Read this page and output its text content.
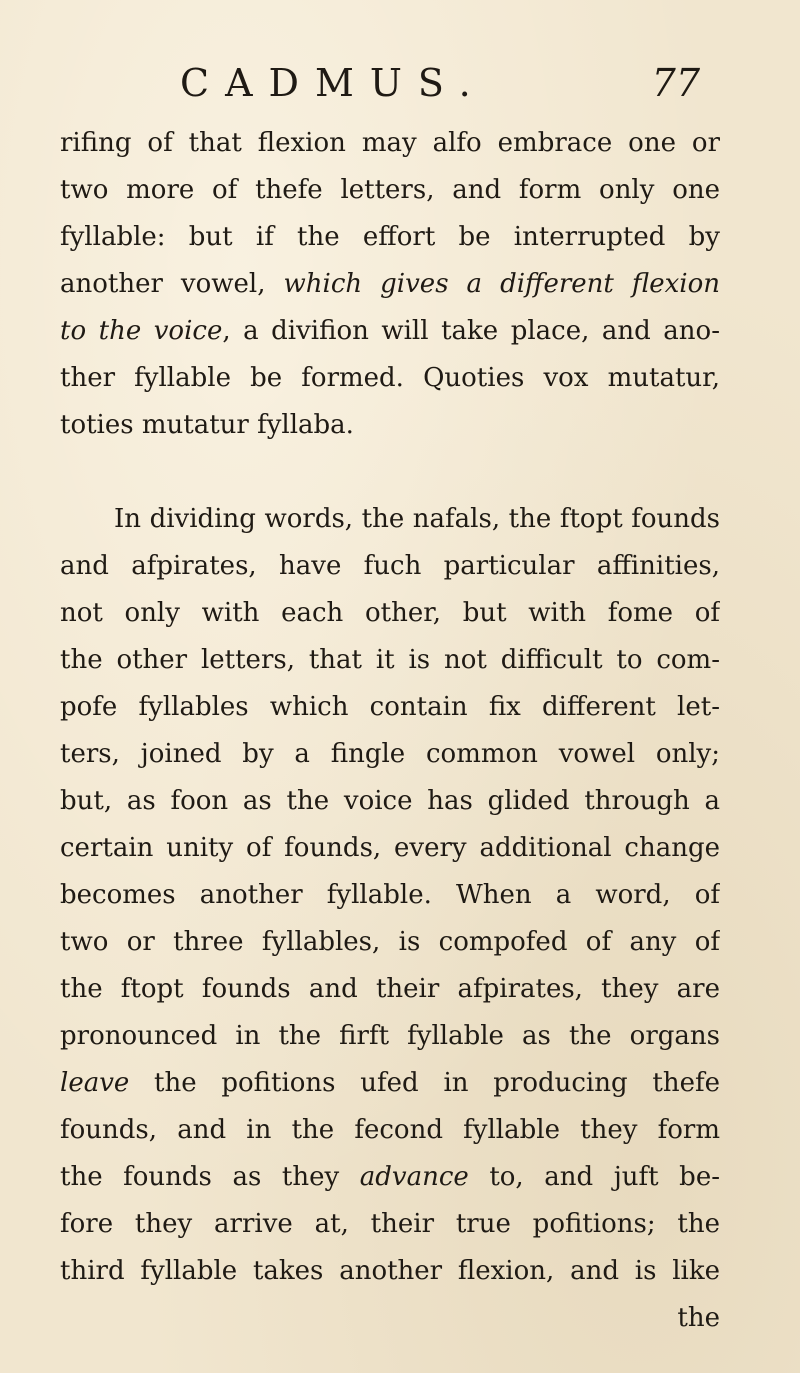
CADMUS.	77
rifing of that flexion may alfo embrace one or
two more of thefe letters, and form only one
fyllable: but if the effort be interrupted by
another vowel, which gives a different flexion
to the voice, a divifion will take place, and ano-
ther fyllable be formed. Quoties vox mutatur,
toties mutatur fyllaba.
In dividing words, the nafals, the ftopt founds
and afpirates, have fuch particular affinities,
not only with each other, but with fome of
the other letters, that it is not difficult to com-
pofe fyllables which contain fix different let-
ters, joined by a fingle common vowel only;
but, as foon as the voice has glided through a
certain unity of founds, every additional change
becomes another fyllable. When a word, of
two or three fyllables, is compofed of any of
the ftopt founds and their afpirates, they are
pronounced in the firft fyllable as the organs
leave the pofitions ufed in producing thefe
founds, and in the fecond fyllable they form
the founds as they advance to, and juft be-
fore they arrive at, their true pofitions; the
third fyllable takes another flexion, and is like
the
